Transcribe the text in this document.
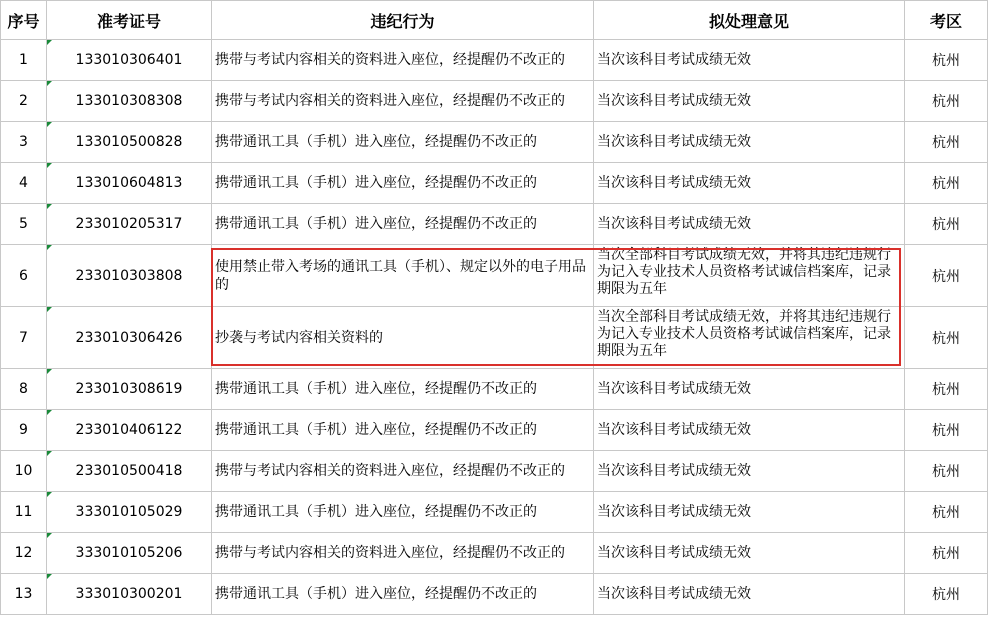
序号	准考证号	违纪行为	拟处理意见	考区
1	133010306401	携带与考试内容相关的资料进入座位，经提醒仍不改正的	当次该科目考试成绩无效	杭州
2	133010308308	携带与考试内容相关的资料进入座位，经提醒仍不改正的	当次该科目考试成绩无效	杭州
3	133010500828	携带通讯工具（手机）进入座位，经提醒仍不改正的	当次该科目考试成绩无效	杭州
4	133010604813	携带通讯工具（手机）进入座位，经提醒仍不改正的	当次该科目考试成绩无效	杭州
5	233010205317	携带通讯工具（手机）进入座位，经提醒仍不改正的	当次该科目考试成绩无效	杭州
6	233010303808	使用禁止带入考场的通讯工具（手机）、规定以外的电子用品的	当次全部科目考试成绩无效，并将其违纪违规行为记入专业技术人员资格考试诚信档案库，记录期限为五年	杭州
7	233010306426	抄袭与考试内容相关资料的	当次全部科目考试成绩无效，并将其违纪违规行为记入专业技术人员资格考试诚信档案库，记录期限为五年	杭州
8	233010308619	携带通讯工具（手机）进入座位，经提醒仍不改正的	当次该科目考试成绩无效	杭州
9	233010406122	携带通讯工具（手机）进入座位，经提醒仍不改正的	当次该科目考试成绩无效	杭州
10	233010500418	携带与考试内容相关的资料进入座位，经提醒仍不改正的	当次该科目考试成绩无效	杭州
11	333010105029	携带通讯工具（手机）进入座位，经提醒仍不改正的	当次该科目考试成绩无效	杭州
12	333010105206	携带与考试内容相关的资料进入座位，经提醒仍不改正的	当次该科目考试成绩无效	杭州
13	333010300201	携带通讯工具（手机）进入座位，经提醒仍不改正的	当次该科目考试成绩无效	杭州
